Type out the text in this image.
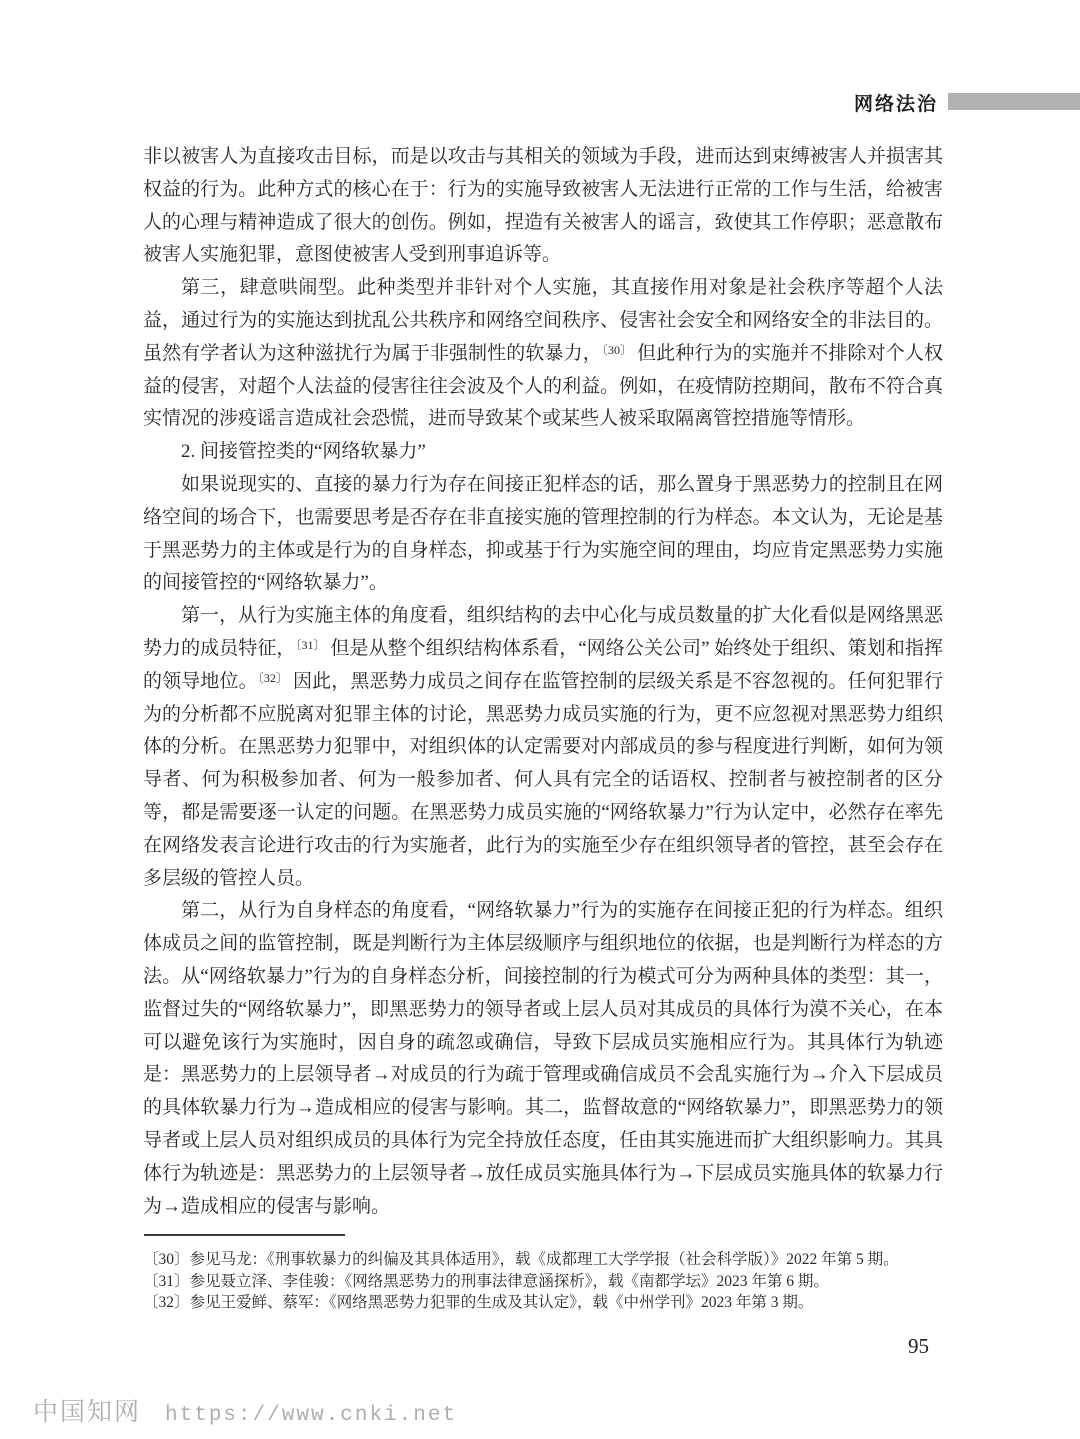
网络法治

非以被害人为直接攻击目标，而是以攻击与其相关的领域为手段，进而达到束缚被害人并损害其权益的行为。此种方式的核心在于：行为的实施导致被害人无法进行正常的工作与生活，给被害人的心理与精神造成了很大的创伤。例如，捏造有关被害人的谣言，致使其工作停职；恶意散布被害人实施犯罪，意图使被害人受到刑事追诉等。

第三，肆意哄闹型。此种类型并非针对个人实施，其直接作用对象是社会秩序等超个人法益，通过行为的实施达到扰乱公共秩序和网络空间秩序、侵害社会安全和网络安全的非法目的。虽然有学者认为这种滋扰行为属于非强制性的软暴力，$^{〔30〕}$ 但此种行为的实施并不排除对个人权益的侵害，对超个人法益的侵害往往会波及个人的利益。例如，在疫情防控期间，散布不符合真实情况的涉疫谣言造成社会恐慌，进而导致某个或某些人被采取隔离管控措施等情形。

2. 间接管控类的“网络软暴力”

如果说现实的、直接的暴力行为存在间接正犯样态的话，那么置身于黑恶势力的控制且在网络空间的场合下，也需要思考是否存在非直接实施的管理控制的行为样态。本文认为，无论是基于黑恶势力的主体或是行为的自身样态，抑或基于行为实施空间的理由，均应肯定黑恶势力实施的间接管控的“网络软暴力”。

第一，从行为实施主体的角度看，组织结构的去中心化与成员数量的扩大化看似是网络黑恶势力的成员特征，$^{〔31〕}$ 但是从整个组织结构体系看，“网络公关公司” 始终处于组织、策划和指挥的领导地位。$^{〔32〕}$ 因此，黑恶势力成员之间存在监管控制的层级关系是不容忽视的。任何犯罪行为的分析都不应脱离对犯罪主体的讨论，黑恶势力成员实施的行为，更不应忽视对黑恶势力组织体的分析。在黑恶势力犯罪中，对组织体的认定需要对内部成员的参与程度进行判断，如何为领导者、何为积极参加者、何为一般参加者、何人具有完全的话语权、控制者与被控制者的区分等，都是需要逐一认定的问题。在黑恶势力成员实施的“网络软暴力”行为认定中，必然存在率先在网络发表言论进行攻击的行为实施者，此行为的实施至少存在组织领导者的管控，甚至会存在多层级的管控人员。

第二，从行为自身样态的角度看，“网络软暴力”行为的实施存在间接正犯的行为样态。组织体成员之间的监管控制，既是判断行为主体层级顺序与组织地位的依据，也是判断行为样态的方法。从“网络软暴力”行为的自身样态分析，间接控制的行为模式可分为两种具体的类型：其一，监督过失的“网络软暴力”，即黑恶势力的领导者或上层人员对其成员的具体行为漠不关心，在本可以避免该行为实施时，因自身的疏忽或确信，导致下层成员实施相应行为。其具体行为轨迹是：黑恶势力的上层领导者→对成员的行为疏于管理或确信成员不会乱实施行为→介入下层成员的具体软暴力行为→造成相应的侵害与影响。其二，监督故意的“网络软暴力”，即黑恶势力的领导者或上层人员对组织成员的具体行为完全持放任态度，任由其实施进而扩大组织影响力。其具体行为轨迹是：黑恶势力的上层领导者→放任成员实施具体行为→下层成员实施具体的软暴力行为→造成相应的侵害与影响。

〔30〕 参见马龙：《刑事软暴力的纠偏及其具体适用》，载《成都理工大学学报（社会科学版）》2022 年第 5 期。

〔31〕 参见聂立泽、李佳骏：《网络黑恶势力的刑事法律意涵探析》，载《南都学坛》2023 年第 6 期。

〔32〕 参见王爱鲜、蔡军：《网络黑恶势力犯罪的生成及其认定》，载《中州学刊》2023 年第 3 期。

95
中国知网 https://www.cnki.net
